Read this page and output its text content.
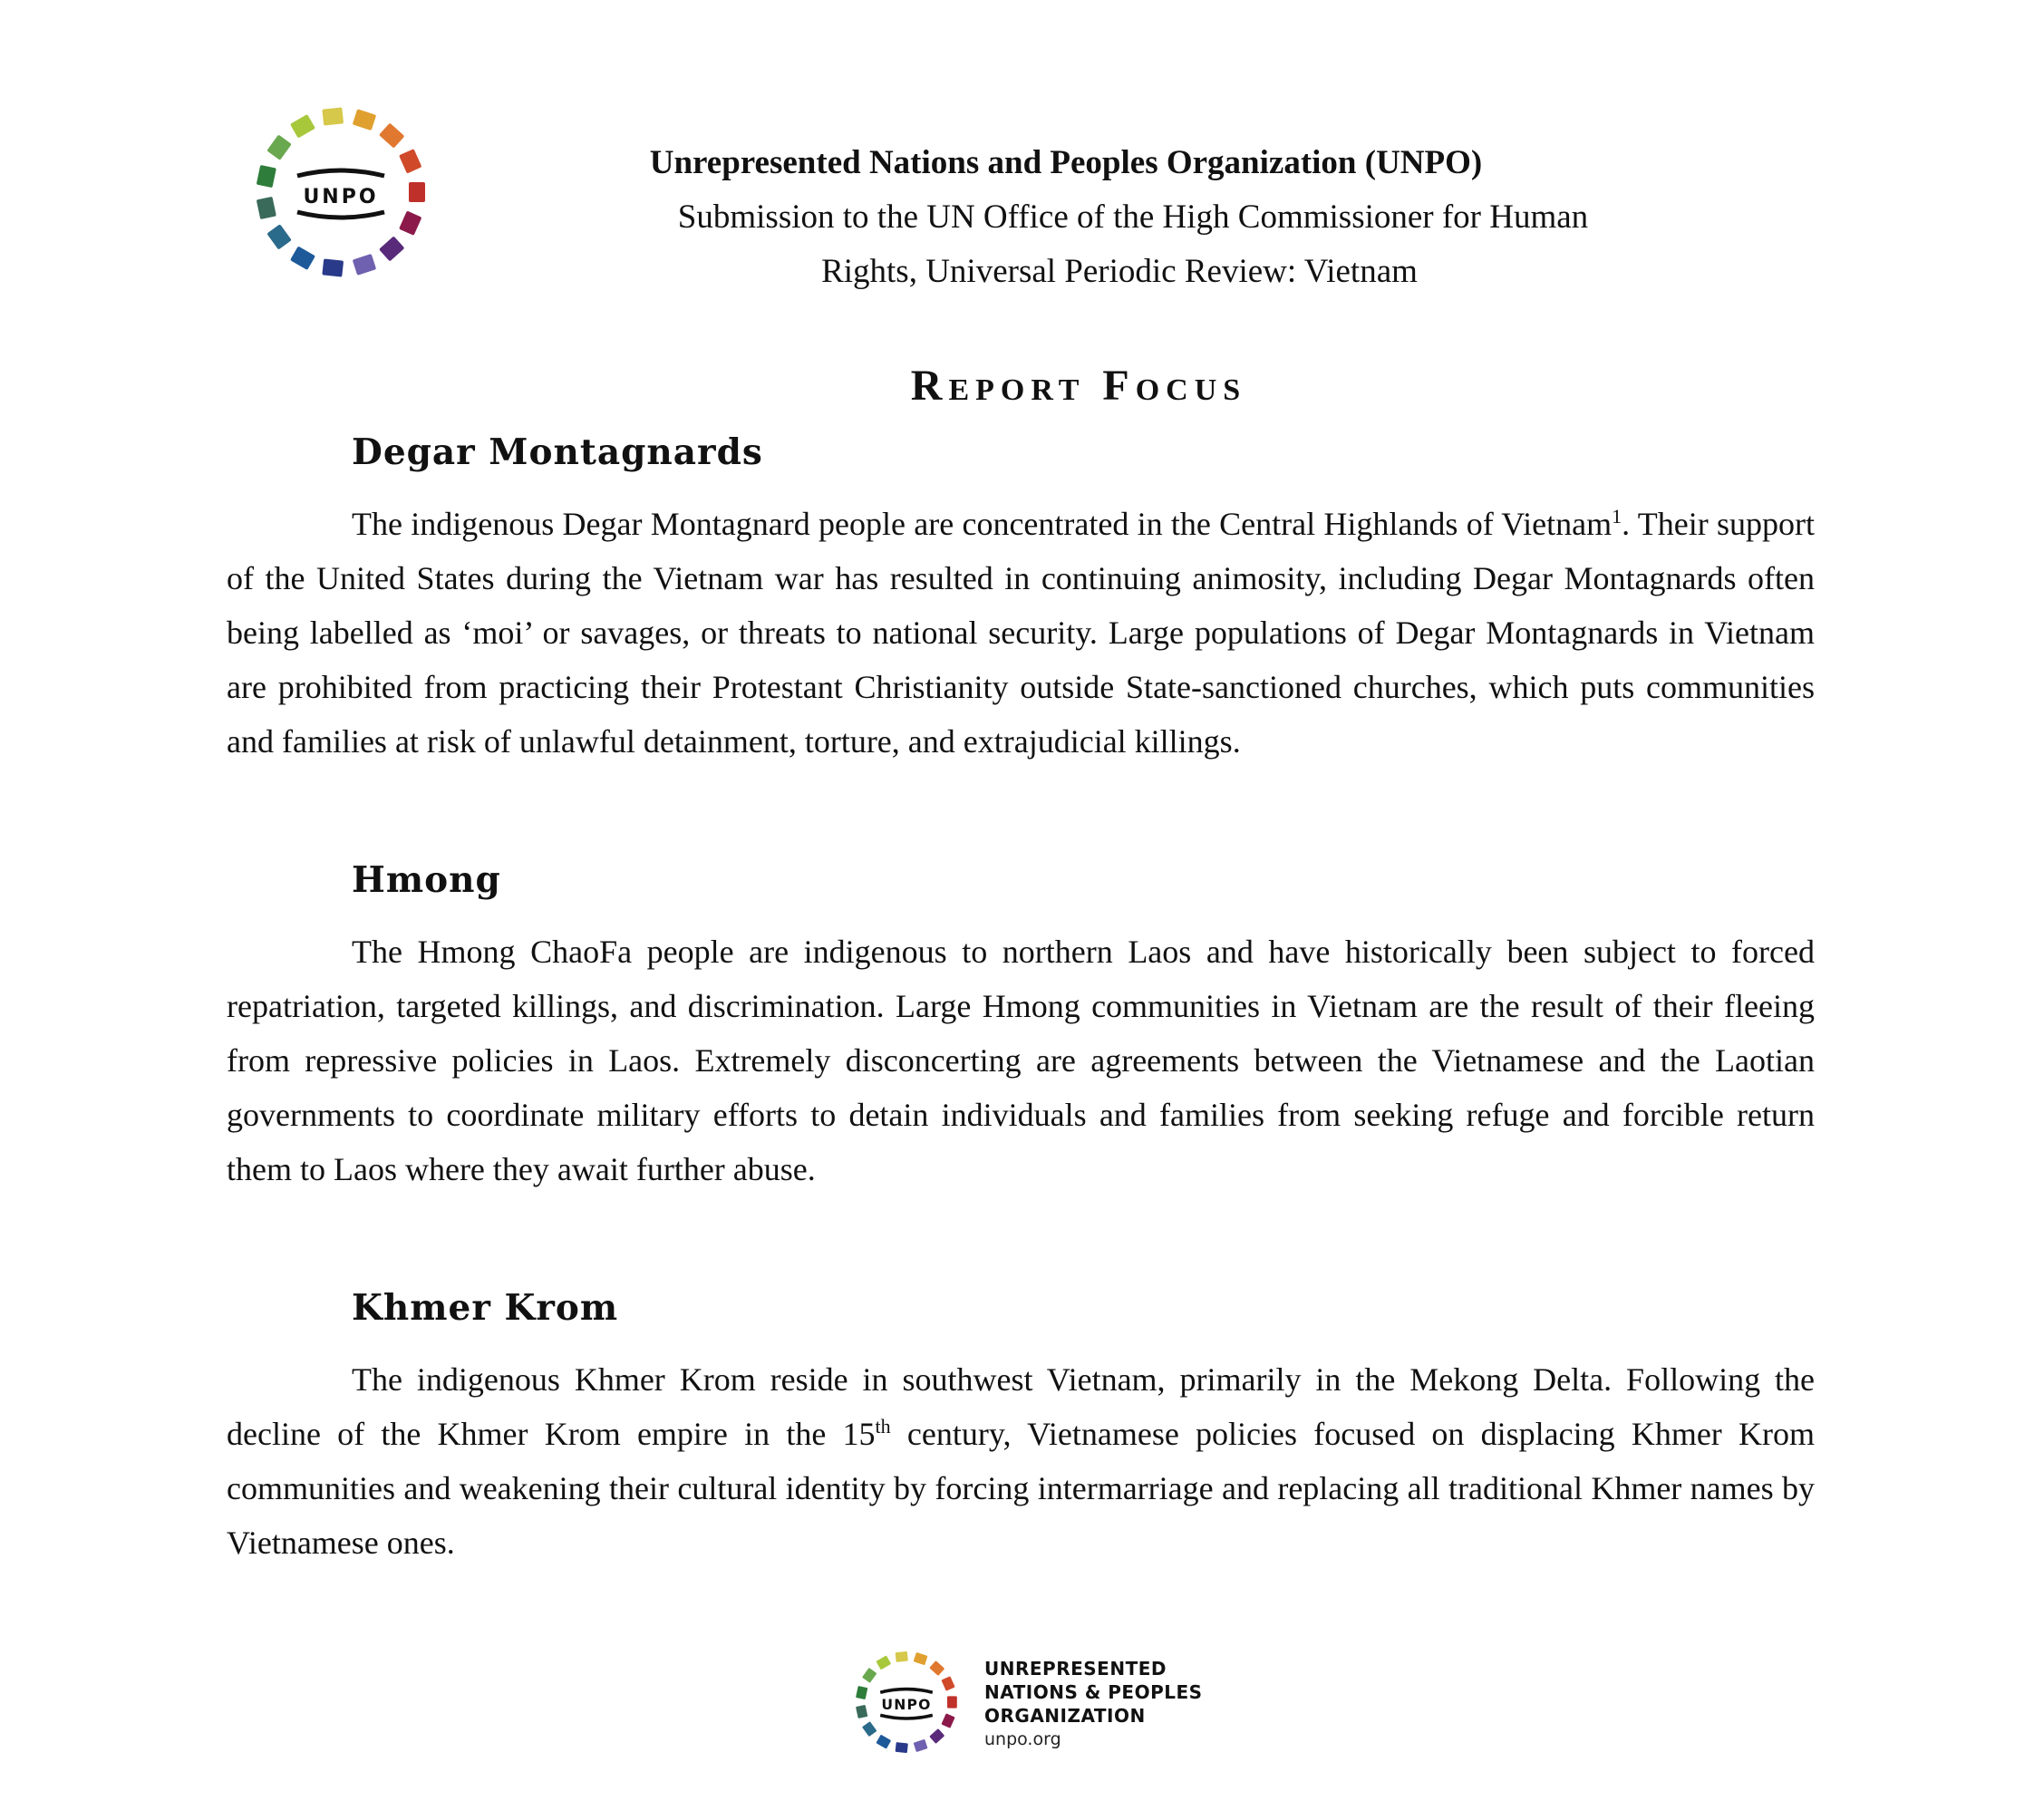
UNPO
Unrepresented Nations and Peoples Organization (UNPO)
Submission to the UN Office of the High Commissioner for Human
Rights, Universal Periodic Review: Vietnam
Report Focus
Degar Montagnards

The indigenous Degar Montagnard people are concentrated in the Central Highlands of Vietnam$^1$. Their support of the United States during the Vietnam war has resulted in continuing animosity, including Degar Montagnards often being labelled as ‘moi’ or savages, or threats to national security. Large populations of Degar Montagnards in Vietnam are prohibited from practicing their Protestant Christianity outside State-sanctioned churches, which puts communities and families at risk of unlawful detainment, torture, and extrajudicial killings.

Hmong

The Hmong ChaoFa people are indigenous to northern Laos and have historically been subject to forced repatriation, targeted killings, and discrimination. Large Hmong communities in Vietnam are the result of their fleeing from repressive policies in Laos. Extremely disconcerting are agreements between the Vietnamese and the Laotian governments to coordinate military efforts to detain individuals and families from seeking refuge and forcible return them to Laos where they await further abuse.

Khmer Krom

The indigenous Khmer Krom reside in southwest Vietnam, primarily in the Mekong Delta. Following the decline of the Khmer Krom empire in the 15th century, Vietnamese policies focused on displacing Khmer Krom communities and weakening their cultural identity by forcing intermarriage and replacing all traditional Khmer names by Vietnamese ones.

UNPO
UNREPRESENTED
NATIONS & PEOPLES
ORGANIZATION
unpo.org
